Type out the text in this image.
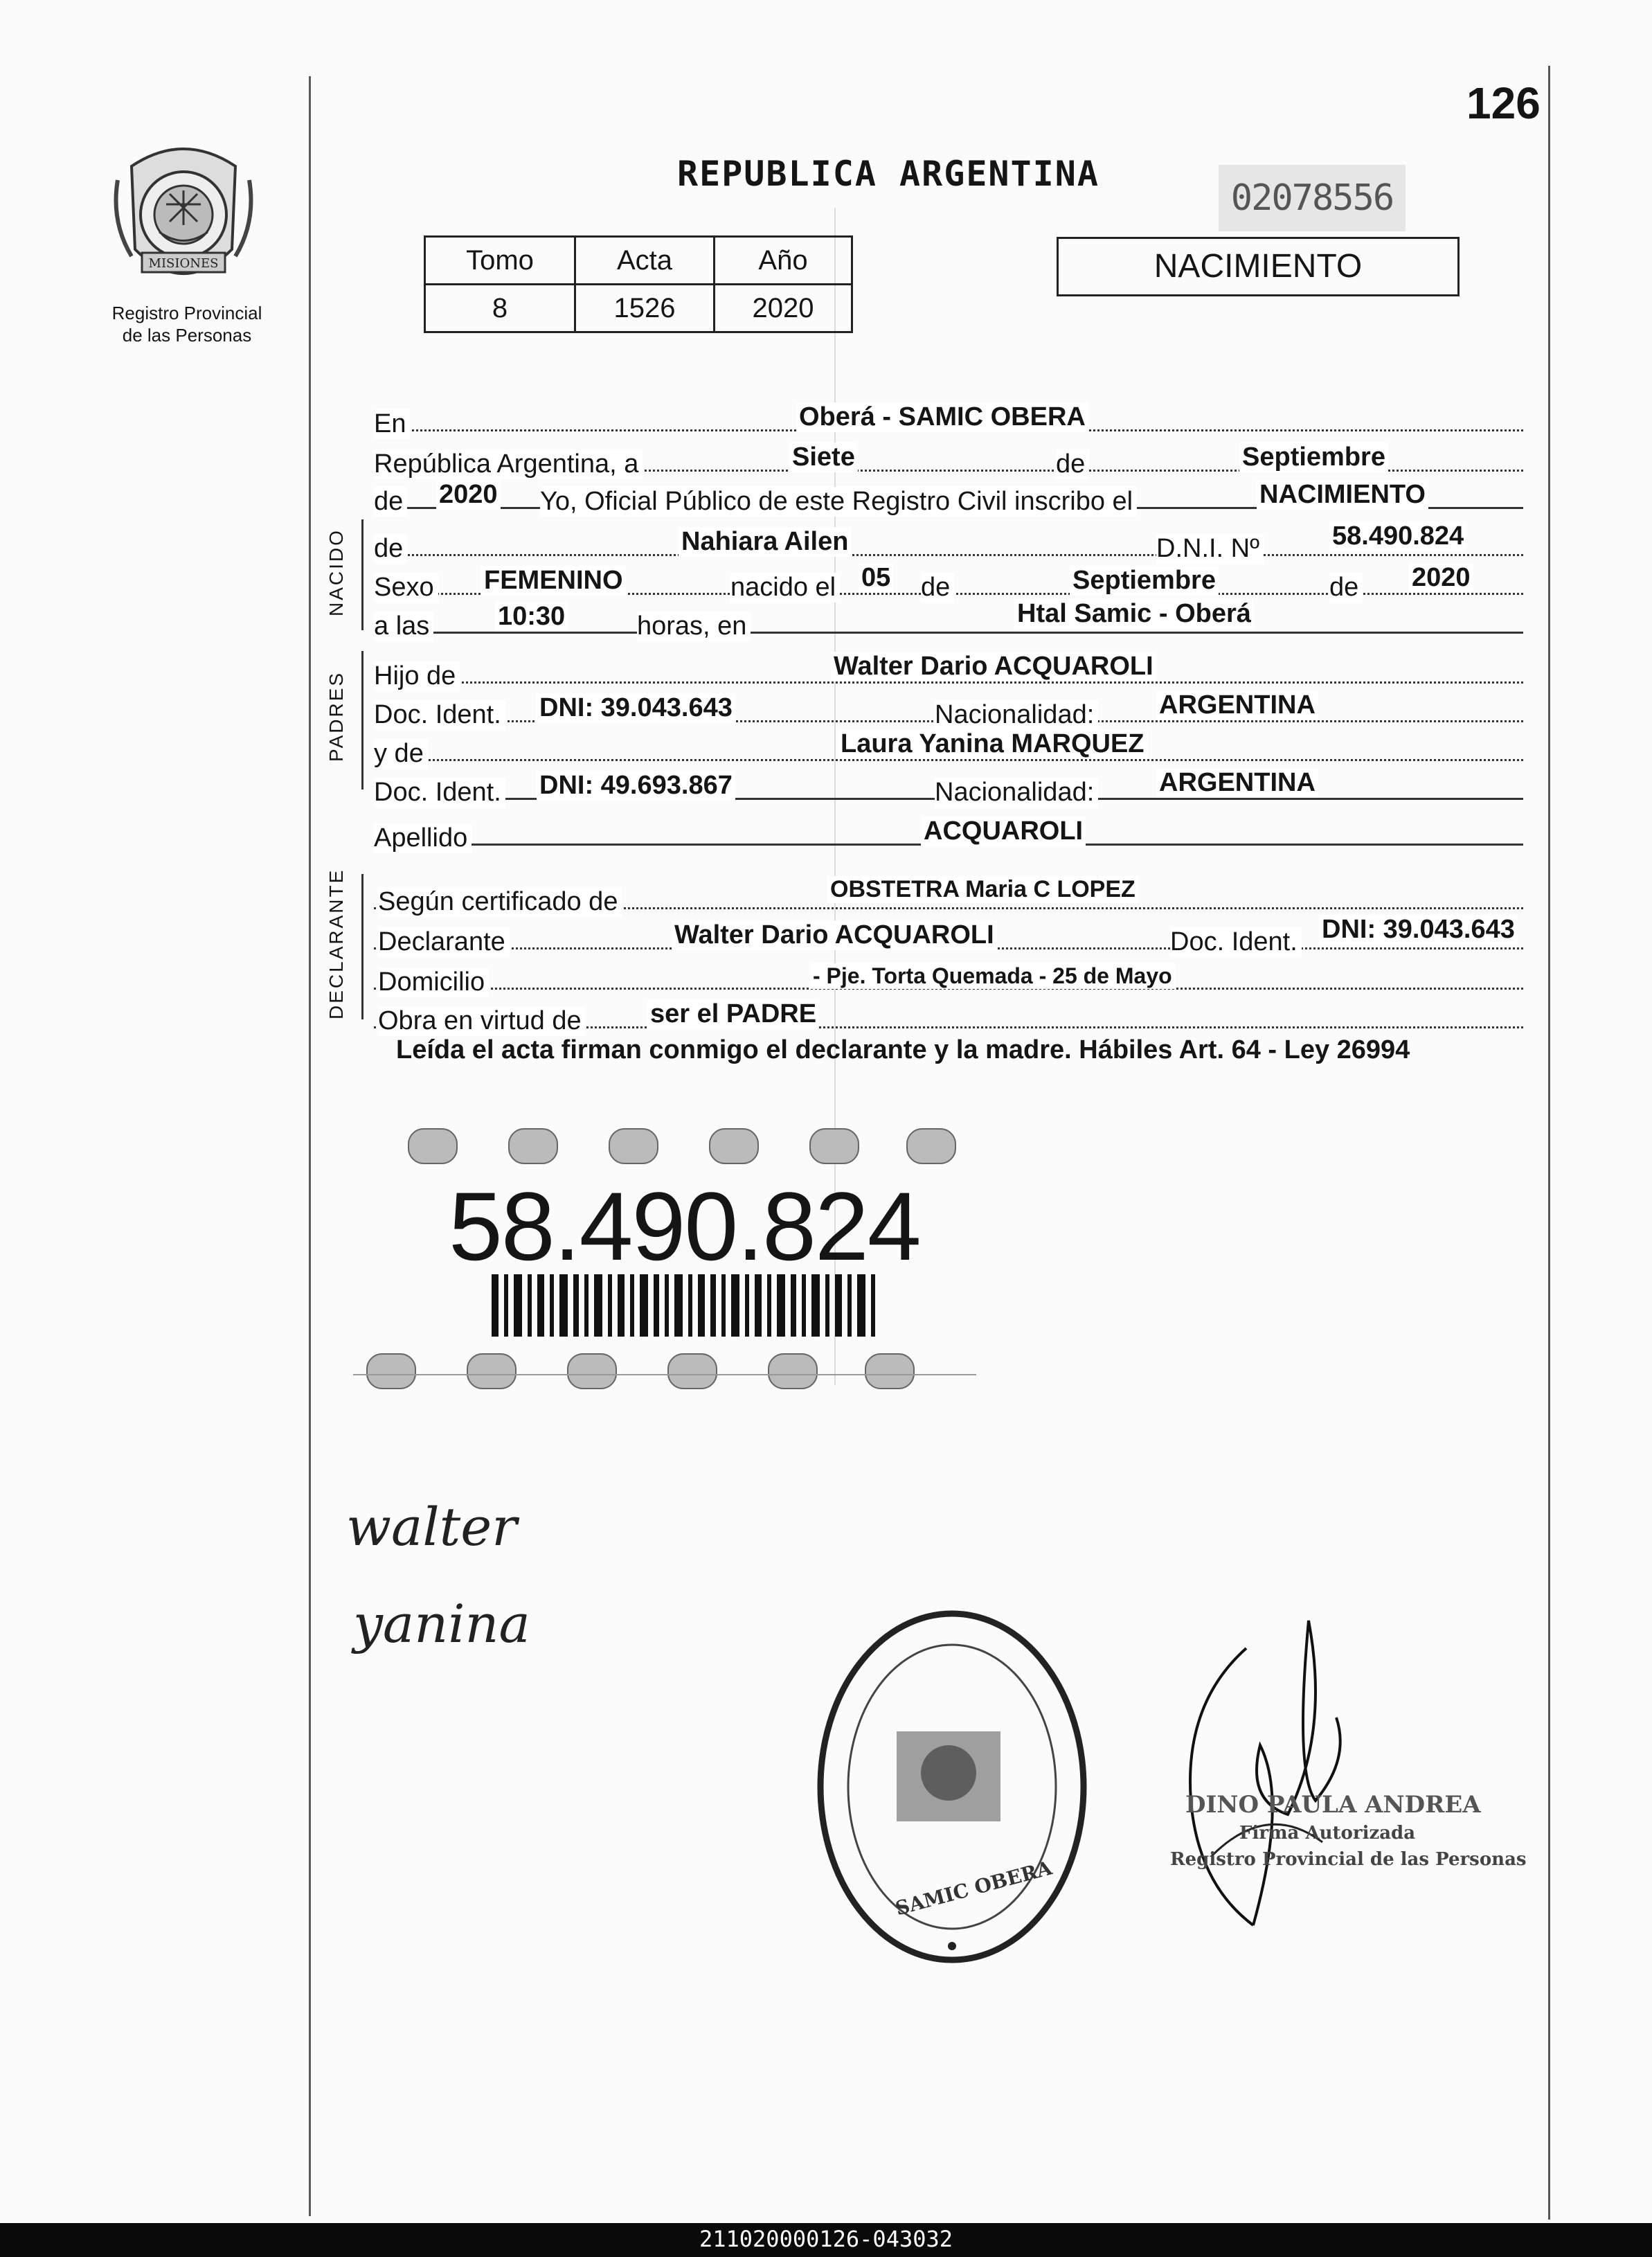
126
REPUBLICA ARGENTINA
02078556
MISIONES
Registro Provincial
de las Personas
Tomo	Acta	Año
8	1526	2020
NACIMIENTO
En	Oberá - SAMIC OBERA
República Argentina, a	Siete	de	Septiembre
de 2020 Yo, Oficial Público de este Registro Civil inscribo el	NACIMIENTO
NACIDO de	Nahiara Ailen	D.N.I. Nº	58.490.824
Sexo FEMENINO	nacido el 05 de	Septiembre	de 2020
a las	10:30	horas, en	Htal Samic - Oberá
PADRES Hijo de	Walter Dario ACQUAROLI
Doc. Ident. DNI: 39.043.643	Nacionalidad: ARGENTINA
y de	Laura Yanina MARQUEZ
Doc. Ident. DNI: 49.693.867	Nacionalidad: ARGENTINA
Apellido	ACQUAROLI
DECLARANTE Según certificado de	OBSTETRA Maria C LOPEZ
Declarante	Walter Dario ACQUAROLI	Doc. Ident. DNI: 39.043.643
Domicilio	- Pje. Torta Quemada - 25 de Mayo
Obra en virtud de	ser el PADRE
Leída el acta firman conmigo el declarante y la madre. Hábiles Art. 64 - Ley 26994
58.490.824
walter
yanina
SAMIC OBERA
DINO PAULA ANDREA
Firma Autorizada
Registro Provincial de las Personas
211020000126-043032
